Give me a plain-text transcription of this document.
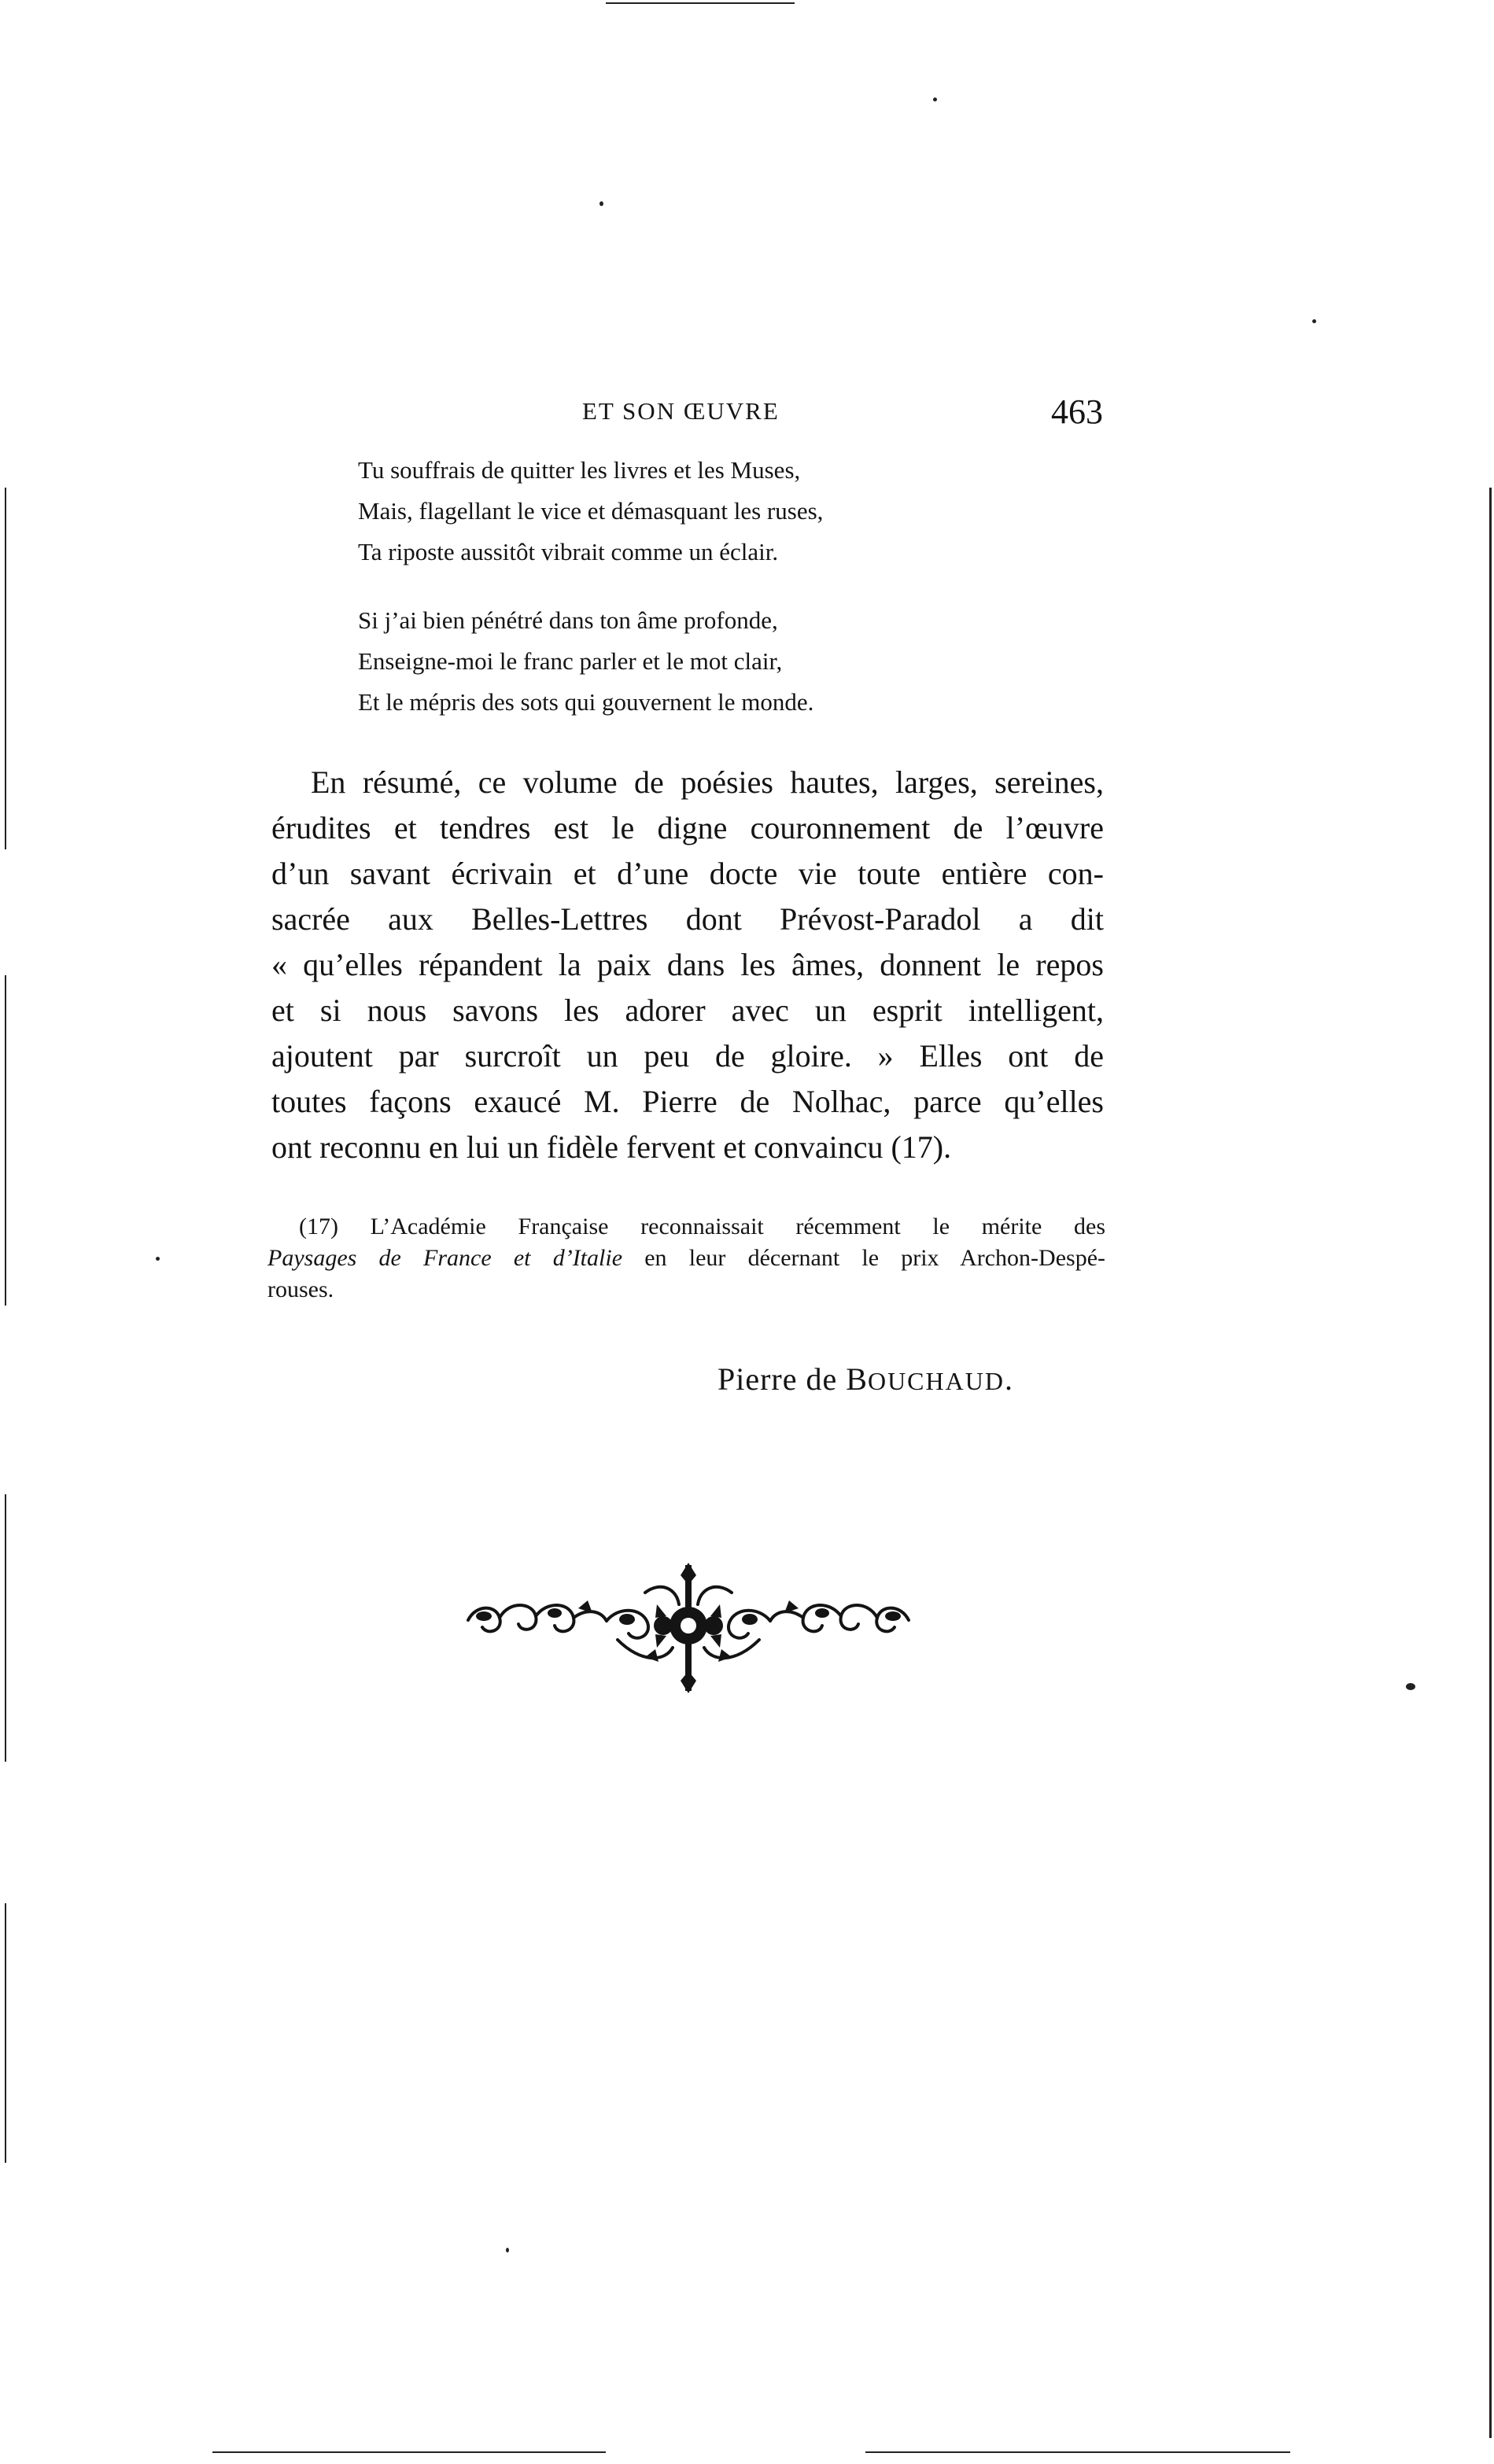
ET SON ŒUVRE	463
Tu souffrais de quitter les livres et les Muses,
Mais, flagellant le vice et démasquant les ruses,
Ta riposte aussitôt vibrait comme un éclair.
Si j’ai bien pénétré dans ton âme profonde,
Enseigne-moi le franc parler et le mot clair,
Et le mépris des sots qui gouvernent le monde.
En résumé, ce volume de poésies hautes, larges, sereines,
érudites et tendres est le digne couronnement de l’œuvre
d’un savant écrivain et d’une docte vie toute entière con-
sacrée aux Belles-Lettres dont Prévost-Paradol a dit
« qu’elles répandent la paix dans les âmes, donnent le repos
et si nous savons les adorer avec un esprit intelligent,
ajoutent par surcroît un peu de gloire. » Elles ont de
toutes façons exaucé M. Pierre de Nolhac, parce qu’elles
ont reconnu en lui un fidèle fervent et convaincu (17).
(17) L’Académie Française reconnaissait récemment le mérite des
Paysages de France et d’Italie en leur décernant le prix Archon-Despé-
rouses.
Pierre de BOUCHAUD.
